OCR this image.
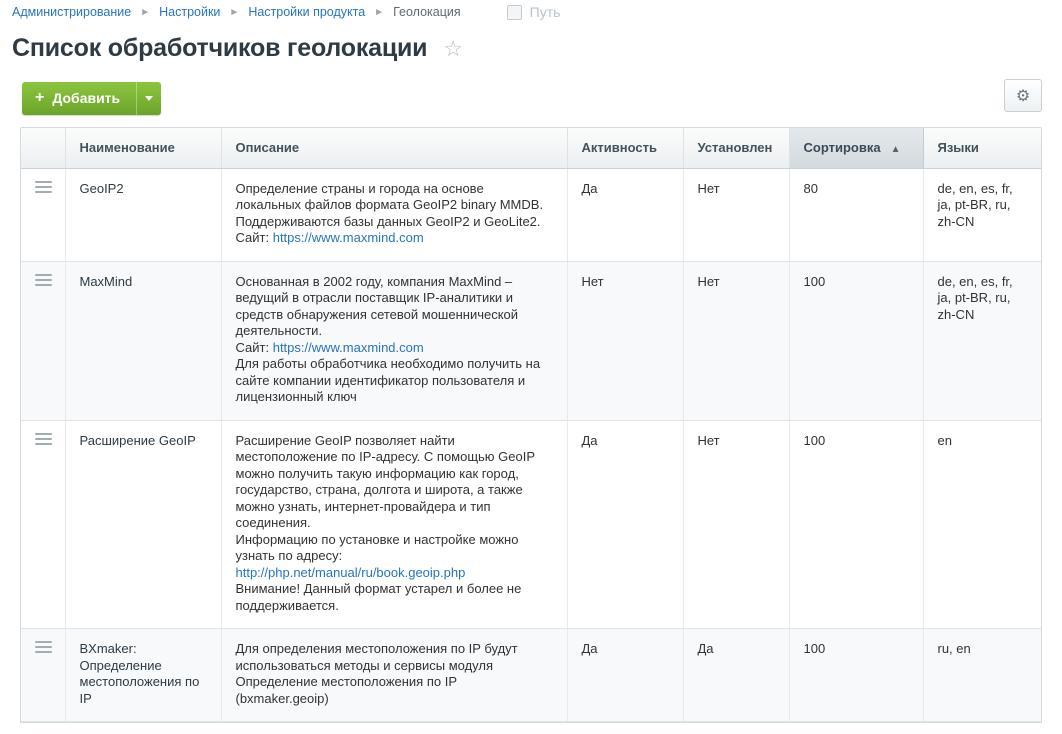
Администрирование ► Настройки ► Настройки продукта ► Геолокация	Путь
Список обработчиков геолокации ☆
+ Добавить	⚙
	Наименование	Описание	Активность	Установлен	Сортировка ▲	Языки

	GeoIP2	Определение страны и города на основе

локальных файлов формата GeoIP2 binary MMDB.

Поддерживаются базы данных GeoIP2 и GeoLite2.

Сайт: https://www.maxmind.com	Да	Нет	80	de, en, es, fr, ja, pt-BR, ru, zh-CN

	MaxMind	Основанная в 2002 году, компания MaxMind –

ведущий в отрасли поставщик IP-аналитики и

средств обнаружения сетевой мошеннической

деятельности.

Сайт: https://www.maxmind.com

Для работы обработчика необходимо получить на

сайте компании идентификатор пользователя и

лицензионный ключ

	Нет	Нет	100	de, en, es, fr, ja, pt-BR, ru, zh-CN

	Расширение GeoIP	Расширение GeoIP позволяет найти

местоположение по IP-адресу. С помощью GeoIP

можно получить такую информацию как город,

государство, страна, долгота и широта, а также

можно узнать, интернет-провайдера и тип

соединения.

Информацию по установке и настройке можно

узнать по адресу:

http://php.net/manual/ru/book.geoip.php

Внимание! Данный формат устарел и более не

поддерживается.

	Да	Нет	100	en

	BXmaker: Определение местоположения по IP	Для определения местоположения по IP будут

использоваться методы и сервисы модуля

Определение местоположения по IP

(bxmaker.geoip)	Да	Да	100	ru, en
